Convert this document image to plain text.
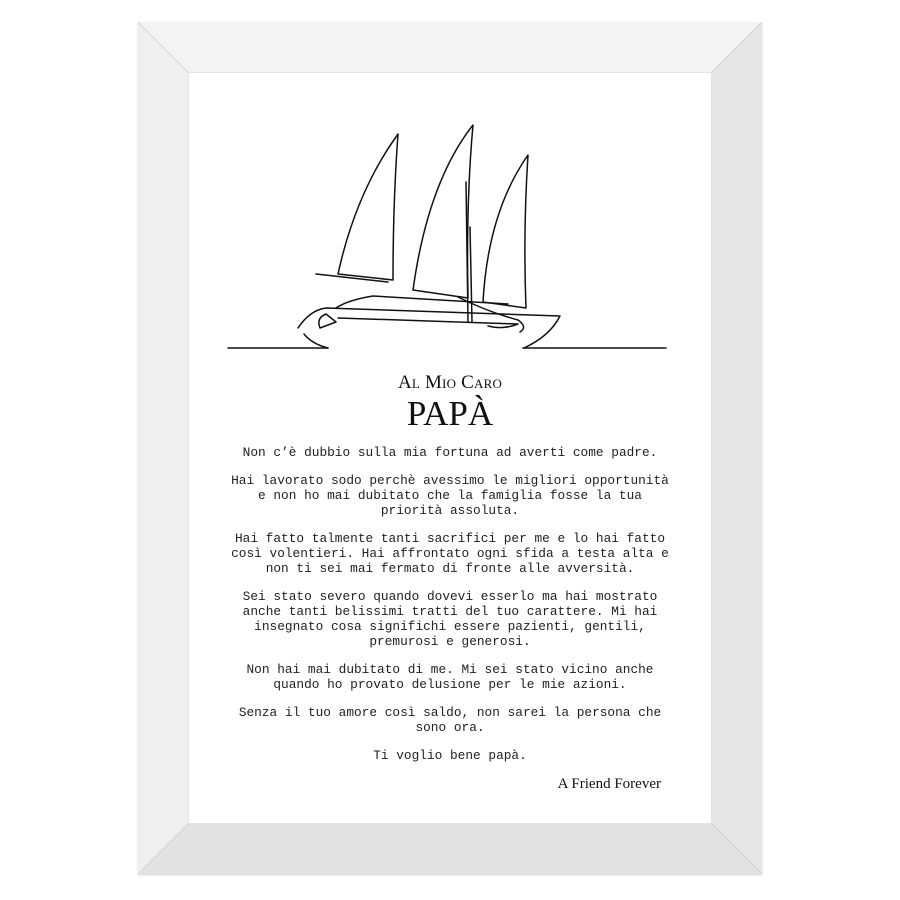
Al Mio Caro
PAPÀ

Non c’è dubbio sulla mia fortuna ad averti come padre.

Hai lavorato sodo perchè avessimo le migliori opportunità e non ho mai dubitato che la famiglia fosse la tua priorità assoluta.

Hai fatto talmente tanti sacrifici per me e lo hai fatto così volentieri. Hai affrontato ogni sfida a testa alta e non ti sei mai fermato di fronte alle avversità.

Sei stato severo quando dovevi esserlo ma hai mostrato anche tanti belissimi tratti del tuo carattere. Mi hai insegnato cosa significhi essere pazienti, gentili, premurosi e generosi.

Non hai mai dubitato di me. Mi sei stato vicino anche quando ho provato delusione per le mie azioni.

Senza il tuo amore così saldo, non sarei la persona che sono ora.

Ti voglio bene papà.

A Friend Forever
